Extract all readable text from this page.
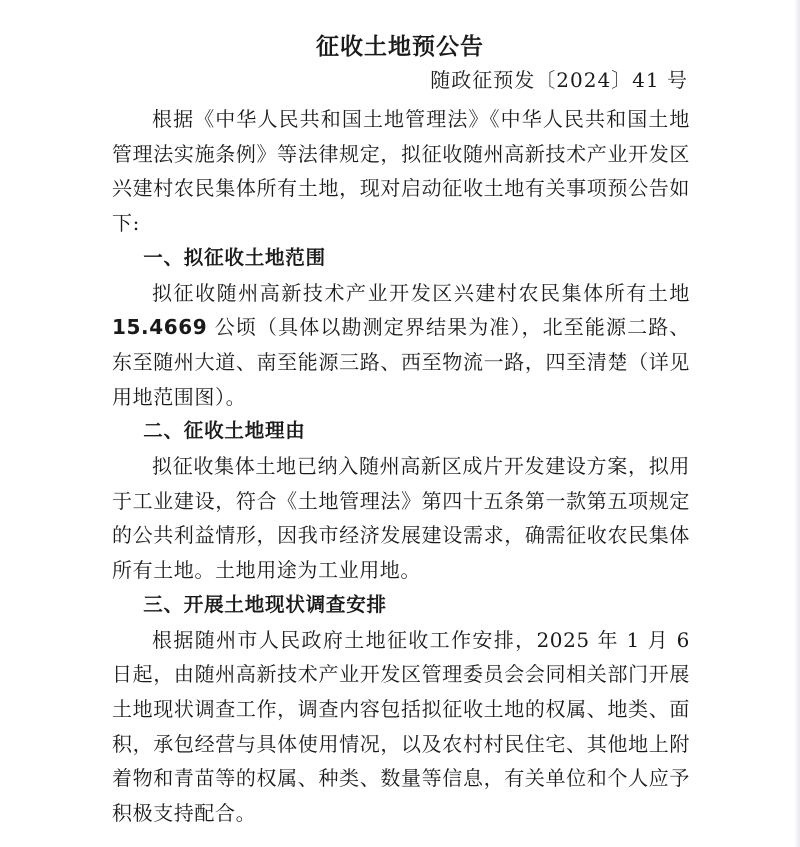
征收土地预公告
随政征预发〔2024〕41 号

根据《中华人民共和国土地管理法》《中华人民共和国土地管理法实施条例》等法律规定，拟征收随州高新技术产业开发区兴建村农民集体所有土地，现对启动征收土地有关事项预公告如下:

一、拟征收土地范围

拟征收随州高新技术产业开发区兴建村农民集体所有土地15.4669 公顷（具体以勘测定界结果为准），北至能源二路、东至随州大道、南至能源三路、西至物流一路，四至清楚（详见用地范围图）。

二、征收土地理由

拟征收集体土地已纳入随州高新区成片开发建设方案，拟用于工业建设，符合《土地管理法》第四十五条第一款第五项规定的公共利益情形，因我市经济发展建设需求，确需征收农民集体所有土地。土地用途为工业用地。

三、开展土地现状调查安排

根据随州市人民政府土地征收工作安排，2025 年 1 月 6 日起，由随州高新技术产业开发区管理委员会会同相关部门开展土地现状调查工作，调查内容包括拟征收土地的权属、地类、面积，承包经营与具体使用情况，以及农村村民住宅、其他地上附着物和青苗等的权属、种类、数量等信息，有关单位和个人应予积极支持配合。
